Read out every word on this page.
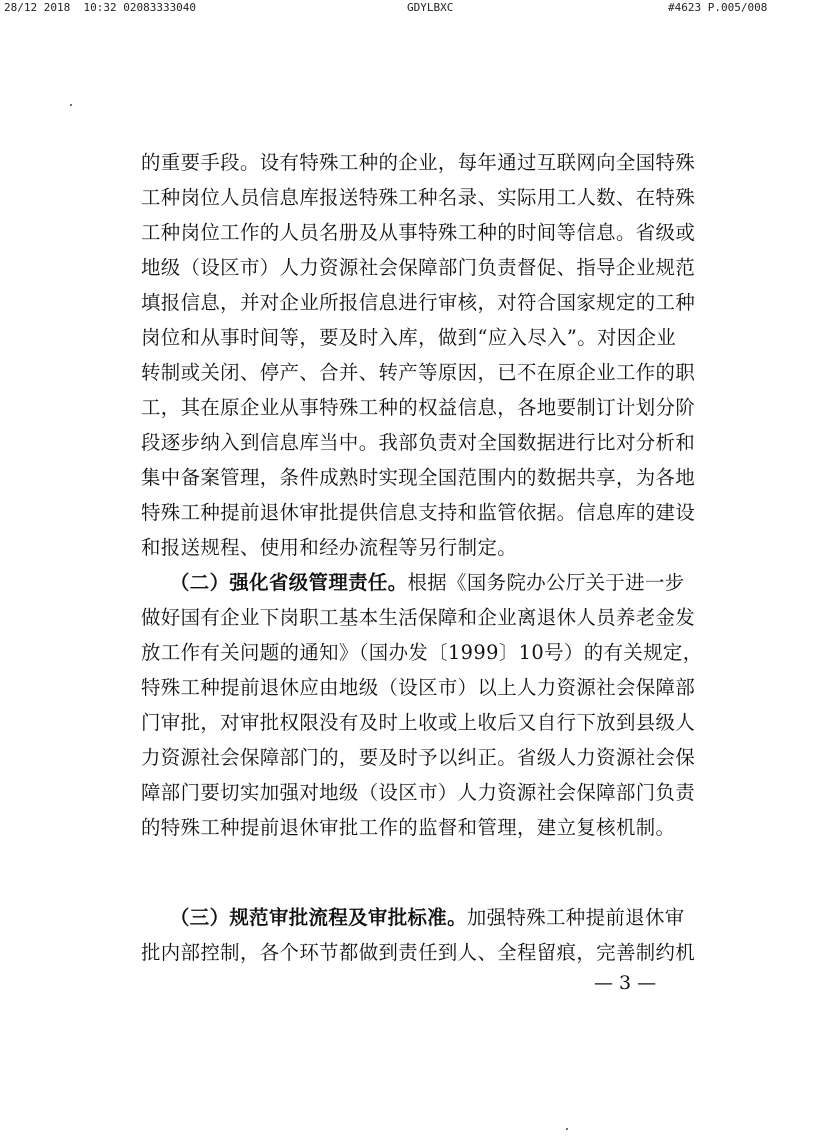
28/12 2018  10:32 02083333040	GDYLBXC	#4623 P.005/008
的重要手段。设有特殊工种的企业，每年通过互联网向全国特殊
工种岗位人员信息库报送特殊工种名录、实际用工人数、在特殊
工种岗位工作的人员名册及从事特殊工种的时间等信息。省级或
地级（设区市）人力资源社会保障部门负责督促、指导企业规范
填报信息，并对企业所报信息进行审核，对符合国家规定的工种
岗位和从事时间等，要及时入库，做到“应入尽入”。对因企业
转制或关闭、停产、合并、转产等原因，已不在原企业工作的职
工，其在原企业从事特殊工种的权益信息，各地要制订计划分阶
段逐步纳入到信息库当中。我部负责对全国数据进行比对分析和
集中备案管理，条件成熟时实现全国范围内的数据共享，为各地
特殊工种提前退休审批提供信息支持和监管依据。信息库的建设
和报送规程、使用和经办流程等另行制定。
（二）强化省级管理责任。根据《国务院办公厅关于进一步
做好国有企业下岗职工基本生活保障和企业离退休人员养老金发
放工作有关问题的通知》（国办发〔1999〕10号）的有关规定，
特殊工种提前退休应由地级（设区市）以上人力资源社会保障部
门审批，对审批权限没有及时上收或上收后又自行下放到县级人
力资源社会保障部门的，要及时予以纠正。省级人力资源社会保
障部门要切实加强对地级（设区市）人力资源社会保障部门负责
的特殊工种提前退休审批工作的监督和管理，建立复核机制。
（三）规范审批流程及审批标准。加强特殊工种提前退休审
批内部控制，各个环节都做到责任到人、全程留痕，完善制约机
— 3 —
